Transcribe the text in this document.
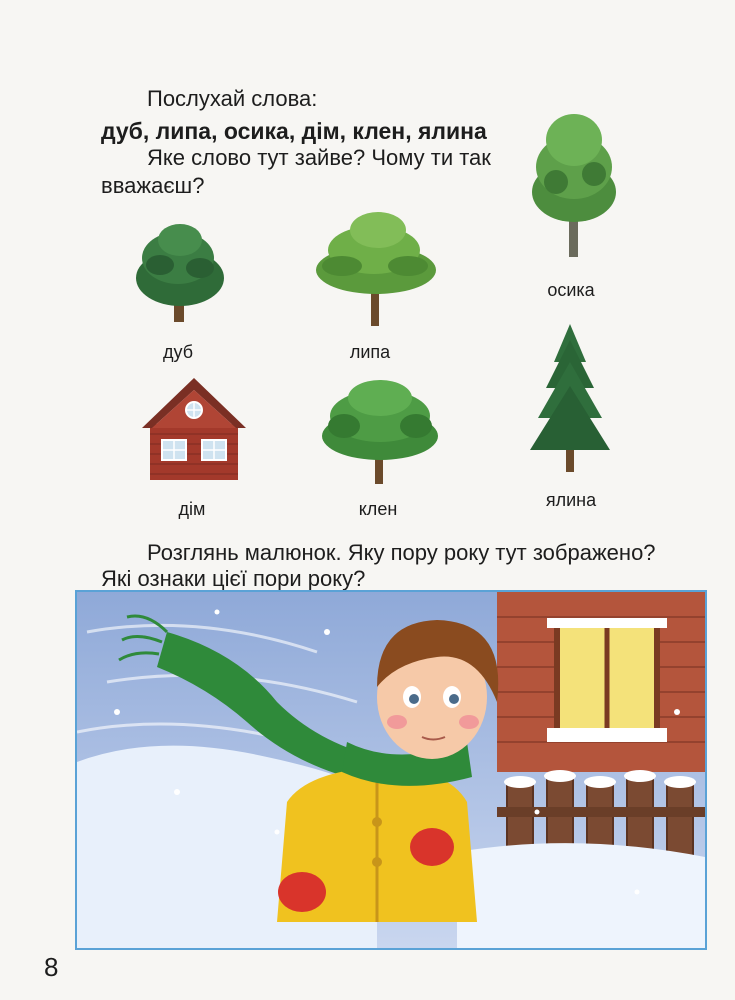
Послухай слова:
дуб, липа, осика, дім, клен, ялина
Яке слово тут зайве? Чому ти так
вважаєш?
дуб	липа
осика
дім	клен	ялина
Розглянь малюнок. Яку пору року тут зображено?
Які ознаки цієї пори року?
8
